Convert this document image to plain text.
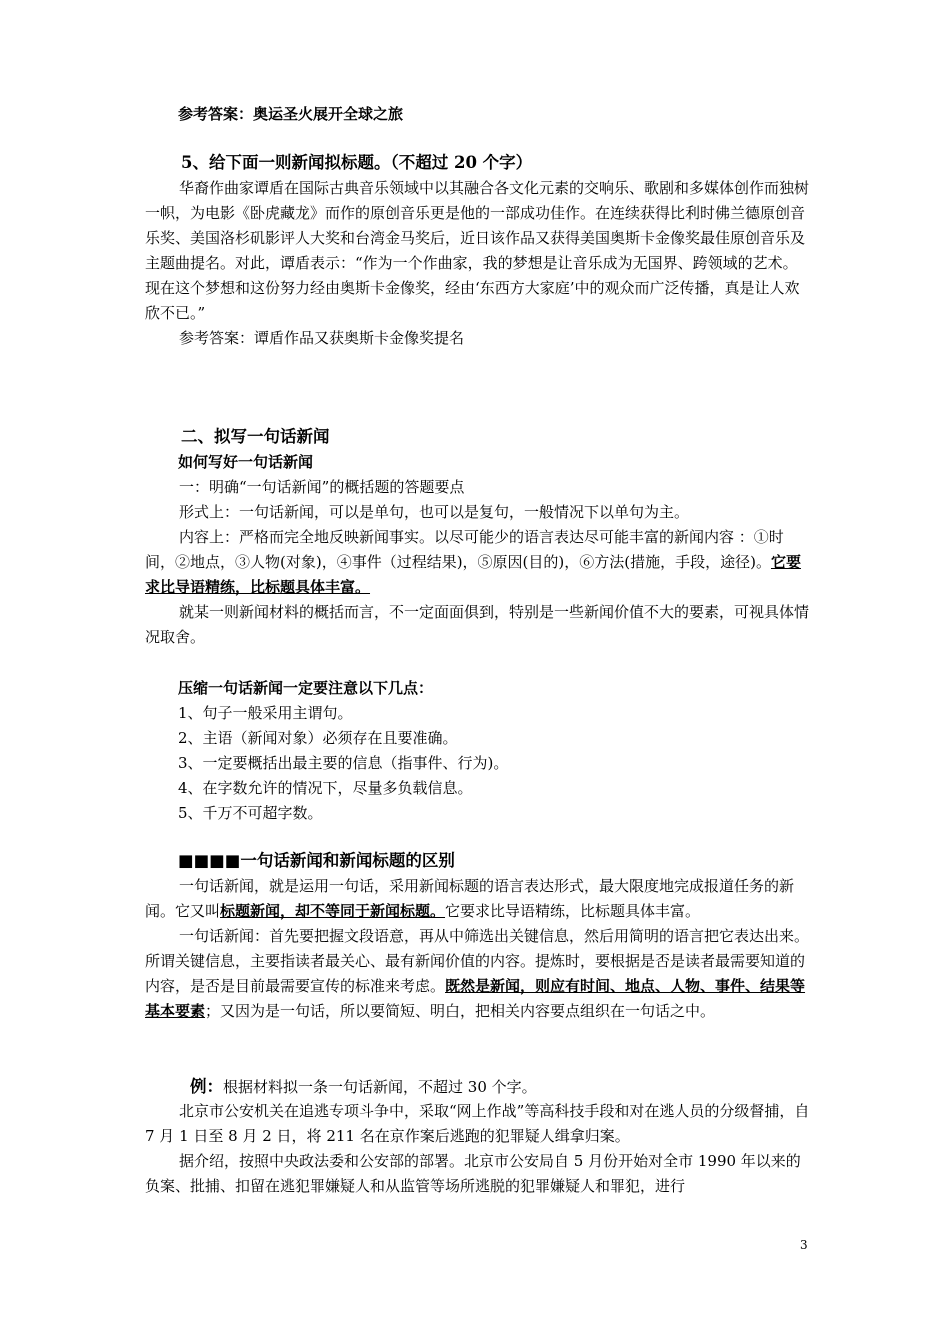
参考答案：奥运圣火展开全球之旅

5、给下面一则新闻拟标题。（不超过 20 个字）

华裔作曲家谭盾在国际古典音乐领域中以其融合各文化元素的交响乐、歌剧和多媒体创作而独树一帜，为电影《卧虎藏龙》而作的原创音乐更是他的一部成功佳作。在连续获得比利时佛兰德原创音乐奖、美国洛杉矶影评人大奖和台湾金马奖后，近日该作品又获得美国奥斯卡金像奖最佳原创音乐及主题曲提名。对此，谭盾表示：“作为一个作曲家，我的梦想是让音乐成为无国界、跨领域的艺术。现在这个梦想和这份努力经由奥斯卡金像奖，经由‘东西方大家庭’中的观众而广泛传播，真是让人欢欣不已。”

参考答案：谭盾作品又获奥斯卡金像奖提名

二、拟写一句话新闻

如何写好一句话新闻

一：明确“一句话新闻”的概括题的答题要点

形式上：一句话新闻，可以是单句，也可以是复句，一般情况下以单句为主。

内容上：严格而完全地反映新闻事实。以尽可能少的语言表达尽可能丰富的新闻内容 ：①时间，②地点，③人物(对象)，④事件（过程结果)，⑤原因(目的)，⑥方法(措施，手段，途径)。它要求比导语精练，比标题具体丰富。

就某一则新闻材料的概括而言，不一定面面俱到，特别是一些新闻价值不大的要素，可视具体情况取舍。

压缩一句话新闻一定要注意以下几点：

1、句子一般采用主谓句。

2、主语（新闻对象）必须存在且要准确。

3、一定要概括出最主要的信息（指事件、行为)。

4、在字数允许的情况下，尽量多负载信息。

5、千万不可超字数。

■■■■一句话新闻和新闻标题的区别

一句话新闻，就是运用一句话，采用新闻标题的语言表达形式，最大限度地完成报道任务的新闻。它又叫标题新闻，却不等同于新闻标题。它要求比导语精练，比标题具体丰富。

一句话新闻：首先要把握文段语意，再从中筛选出关键信息，然后用简明的语言把它表达出来。所谓关键信息，主要指读者最关心、最有新闻价值的内容。提炼时，要根据是否是读者最需要知道的内容，是否是目前最需要宣传的标准来考虑。既然是新闻，则应有时间、地点、人物、事件、结果等基本要素；又因为是一句话，所以要简短、明白，把相关内容要点组织在一句话之中。

例：根据材料拟一条一句话新闻，不超过 30 个字。

北京市公安机关在追逃专项斗争中，采取“网上作战”等高科技手段和对在逃人员的分级督捕，自 7 月 1 日至 8 月 2 日，将 211 名在京作案后逃跑的犯罪疑人缉拿归案。

据介绍，按照中央政法委和公安部的部署。北京市公安局自 5 月份开始对全市 1990 年以来的负案、批捕、扣留在逃犯罪嫌疑人和从监管等场所逃脱的犯罪嫌疑人和罪犯，进行

3
